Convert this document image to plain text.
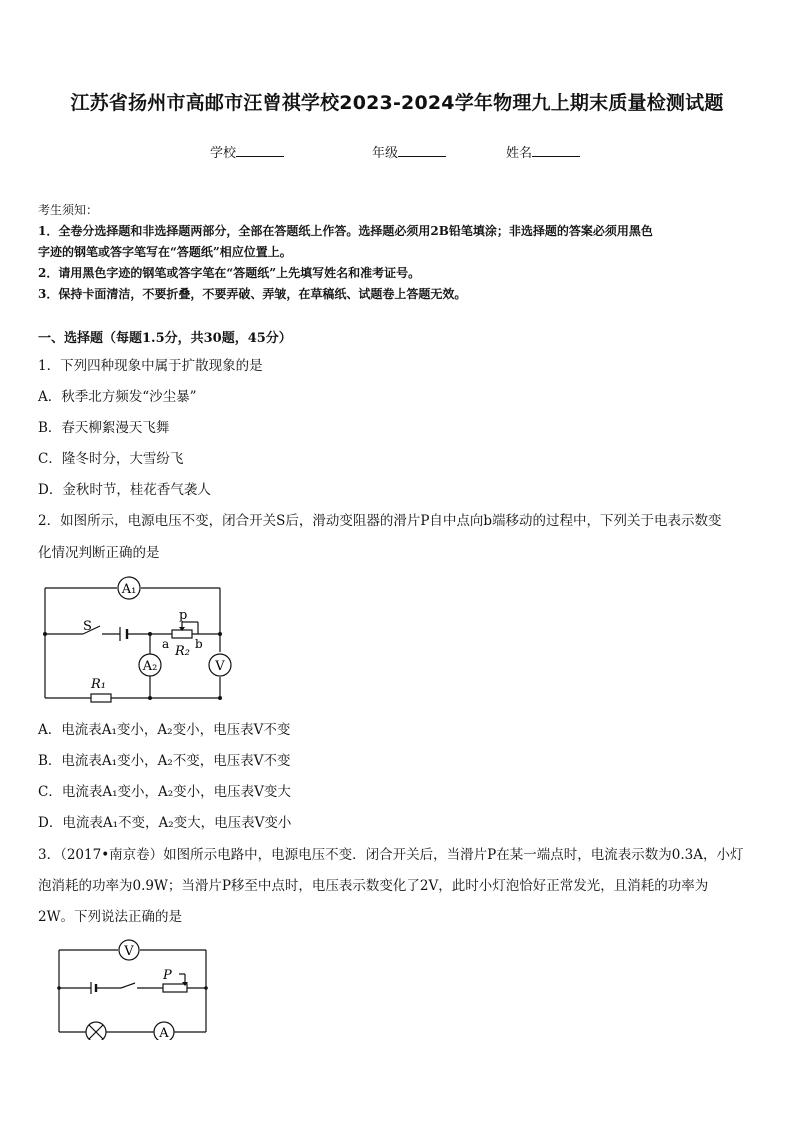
江苏省扬州市高邮市汪曾祺学校2023-2024学年物理九上期末质量检测试题
学校	年级	姓名
考生须知：
1．全卷分选择题和非选择题两部分，全部在答题纸上作答。选择题必须用2B铅笔填涂；非选择题的答案必须用黑色
字迹的钢笔或答字笔写在“答题纸”相应位置上。
2．请用黑色字迹的钢笔或答字笔在“答题纸”上先填写姓名和准考证号。
3．保持卡面清洁，不要折叠，不要弄破、弄皱，在草稿纸、试题卷上答题无效。
一、选择题（每题1.5分，共30题，45分）
1．下列四种现象中属于扩散现象的是
A．秋季北方频发“沙尘暴”
B．春天柳絮漫天飞舞
C．隆冬时分，大雪纷飞
D．金秋时节，桂花香气袭人
2．如图所示，电源电压不变，闭合开关S后，滑动变阻器的滑片P自中点向b端移动的过程中，下列关于电表示数变
化情况判断正确的是
A₁
A₂	V
S
p
a b
R₂
R₁
A．电流表A₁变小，A₂变小，电压表V不变
B．电流表A₁变小，A₂不变，电压表V不变
C．电流表A₁变小，A₂变小，电压表V变大
D．电流表A₁不变，A₂变大，电压表V变小
3．（2017•南京卷）如图所示电路中，电源电压不变．闭合开关后，当滑片P在某一端点时，电流表示数为0.3A，小灯
泡消耗的功率为0.9W；当滑片P移至中点时，电压表示数变化了2V，此时小灯泡恰好正常发光，且消耗的功率为
2W。下列说法正确的是
V
A
P
